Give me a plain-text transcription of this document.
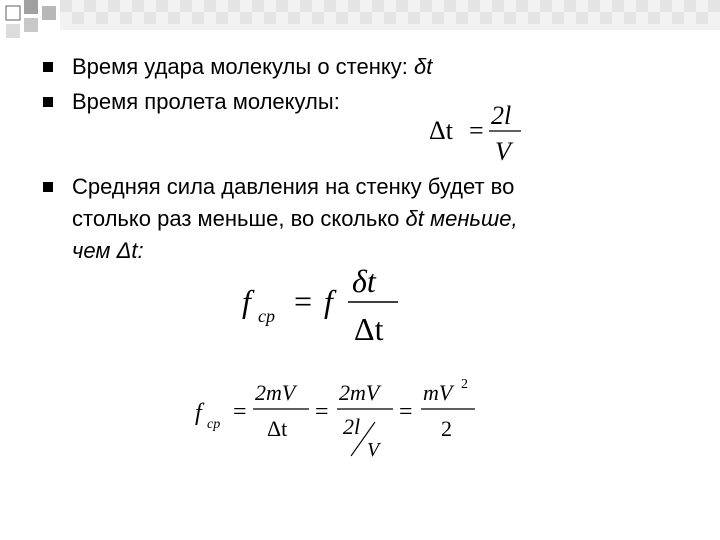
Время удара молекулы о стенку: δt
Время пролета молекулы:
Δt =
2l
V
Средняя сила давления на стенку будет во
столько раз меньше, во сколько δt меньше,
чем Δt:
f cp = f
δt
Δt
f cp =
2mV
Δt
=
2mV
2l
V
=
mV 2
2
